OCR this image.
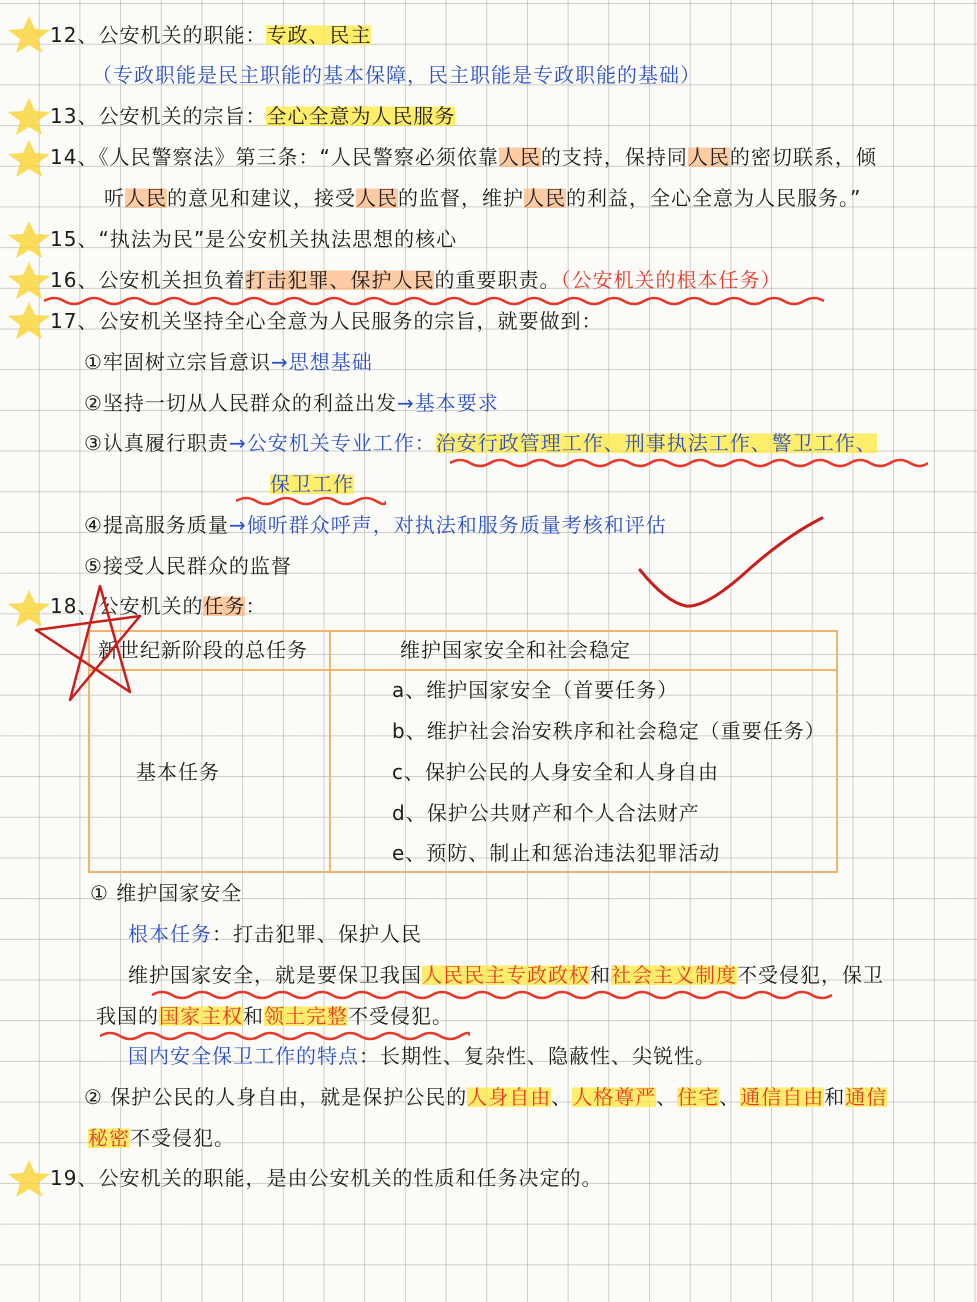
12、公安机关的职能：专政、民主
（专政职能是民主职能的基本保障，民主职能是专政职能的基础）
13、公安机关的宗旨：全心全意为人民服务
14、《人民警察法》第三条：“人民警察必须依靠人民的支持，保持同人民的密切联系，倾
听人民的意见和建议，接受人民的监督，维护人民的利益，全心全意为人民服务。”
15、“执法为民”是公安机关执法思想的核心
16、公安机关担负着打击犯罪、保护人民的重要职责。（公安机关的根本任务）
17、公安机关坚持全心全意为人民服务的宗旨，就要做到：
①牢固树立宗旨意识→思想基础
②坚持一切从人民群众的利益出发→基本要求
③认真履行职责→公安机关专业工作：治安行政管理工作、刑事执法工作、警卫工作、
保卫工作
④提高服务质量→倾听群众呼声，对执法和服务质量考核和评估
⑤接受人民群众的监督
18、公安机关的任务：
新世纪新阶段的总任务	维护国家安全和社会稳定
基本任务
a、维护国家安全（首要任务）
b、维护社会治安秩序和社会稳定（重要任务）
c、保护公民的人身安全和人身自由
d、保护公共财产和个人合法财产
e、预防、制止和惩治违法犯罪活动
① 维护国家安全
根本任务：打击犯罪、保护人民
维护国家安全，就是要保卫我国人民民主专政政权和社会主义制度不受侵犯，保卫
我国的国家主权和领土完整不受侵犯。
国内安全保卫工作的特点：长期性、复杂性、隐蔽性、尖锐性。
② 保护公民的人身自由，就是保护公民的人身自由、人格尊严、住宅、通信自由和通信
秘密不受侵犯。
19、公安机关的职能，是由公安机关的性质和任务决定的。
